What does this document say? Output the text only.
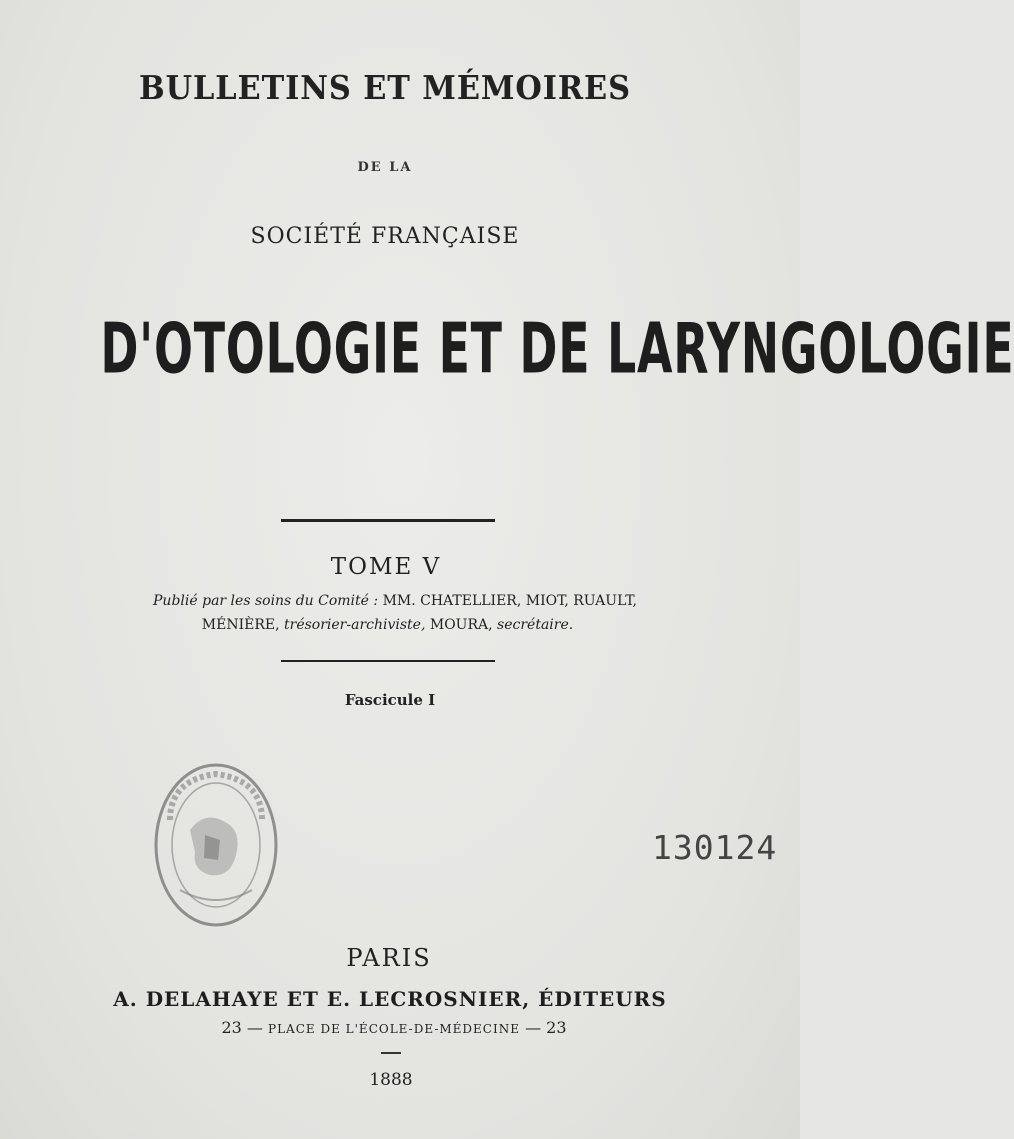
BULLETINS ET MÉMOIRES
DE LA
SOCIÉTÉ FRANÇAISE
D'OTOLOGIE ET DE LARYNGOLOGIE
TOME V
Publié par les soins du Comité : MM. CHATELLIER, MIOT, RUAULT,
MÉNIÈRE, trésorier-archiviste, MOURA, secrétaire.
Fascicule I
130124
PARIS
A. DELAHAYE ET E. LECROSNIER, ÉDITEURS
23 — PLACE DE L'ÉCOLE-DE-MÉDECINE — 23
1888
